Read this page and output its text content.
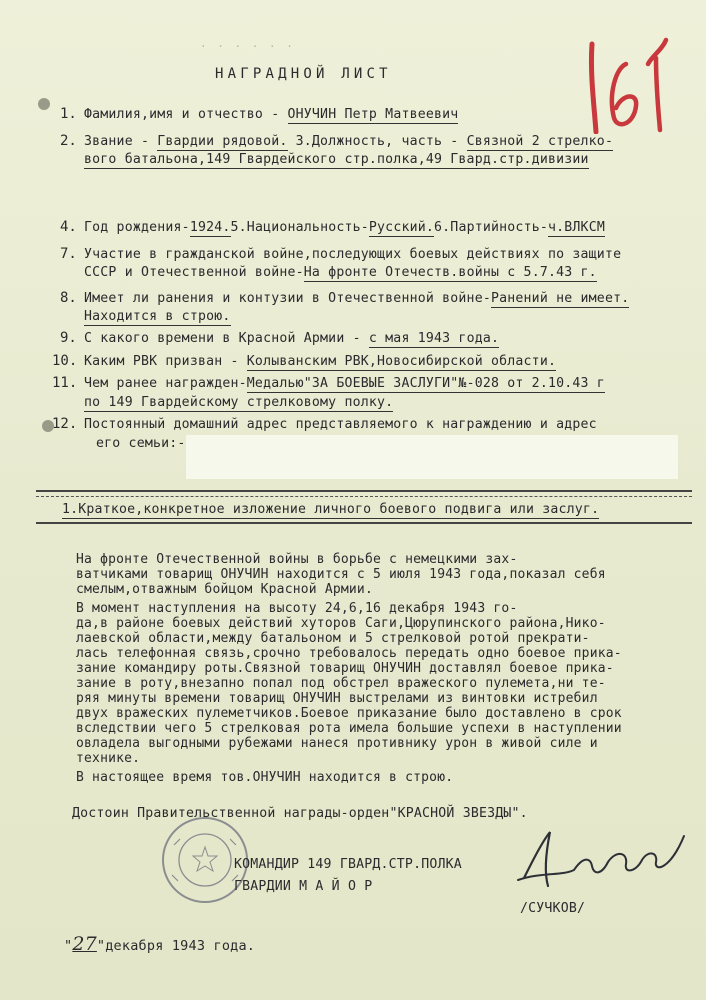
· · · · · ·
НАГРАДНОЙ ЛИСТ
1. Фамилия,имя и отчество - ОНУЧИН Петр Матвеевич
2. Звание - Гвардии рядовой. 3.Должность, часть - Связной 2 стрелко-
вого батальона,149 Гвардейского стр.полка,49 Гвард.стр.дивизии
4. Год рождения-1924.5.Национальность-Русский.6.Партийность-ч.ВЛКСМ
7. Участие в гражданской войне,последующих боевых действиях по защите
СССР и Отечественной войне-На фронте Отечеств.войны с 5.7.43 г.
8. Имеет ли ранения и контузии в Отечественной войне-Ранений не имеет.
Находится в строю.
9. С какого времени в Красной Армии - с мая 1943 года.
10. Каким РВК призван - Колыванским РВК,Новосибирской области.
11. Чем ранее награжден-Медалью"ЗА БОЕВЫЕ ЗАСЛУГИ"№-028 от 2.10.43 г
по 149 Гвардейскому стрелковому полку.
12. Постоянный домашний адрес представляемого к награждению и адрес
его семьи:-
1.Краткое,конкретное изложение личного боевого подвига или заслуг.
На фронте Отечественной войны в борьбе с немецкими зах-
ватчиками товарищ ОНУЧИН находится с 5 июля 1943 года,показал себя
смелым,отважным бойцом Красной Армии.
В момент наступления на высоту 24,6,16 декабря 1943 го-
да,в районе боевых действий хуторов Саги,Цюрупинского района,Нико-
лаевской области,между батальоном и 5 стрелковой ротой прекрати-
лась телефонная связь,срочно требовалось передать одно боевое прика-
зание командиру роты.Связной товарищ ОНУЧИН доставлял боевое прика-
зание в роту,внезапно попал под обстрел вражеского пулемета,ни те-
ряя минуты времени товарищ ОНУЧИН выстрелами из винтовки истребил
двух вражеских пулеметчиков.Боевое приказание было доставлено в срок
вследствии чего 5 стрелковая рота имела большие успехи в наступлении
овладела выгодными рубежами нанеся противнику урон в живой силе и
технике.
В настоящее время тов.ОНУЧИН находится в строю.
Достоин Правительственной награды-орден"КРАСНОЙ ЗВЕЗДЫ".
КОМАНДИР 149 ГВАРД.СТР.ПОЛКА
ГВАРДИИ М А Й О Р
/СУЧКОВ/
"27"декабря 1943 года.
